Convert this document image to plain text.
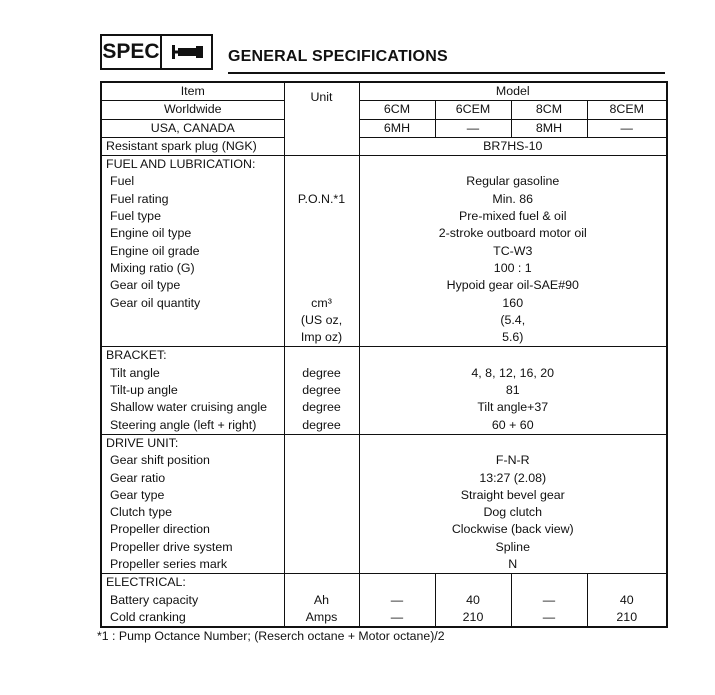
SPEC	GENERAL SPECIFICATIONS
Item	Unit	Model			
Worldwide		6CM	6CEM	8CM	8CEM
USA, CANADA		6MH	—	8MH	—
Resistant spark plug (NGK)		BR7HS-10			
FUEL AND LUBRICATION:					
Fuel		Regular gasoline			
Fuel rating	P.O.N.*1	Min. 86			
Fuel type		Pre-mixed fuel & oil			
Engine oil type		2-stroke outboard motor oil			
Engine oil grade		TC-W3			
Mixing ratio (G)		100 : 1			
Gear oil type		Hypoid gear oil-SAE#90			
Gear oil quantity	cm³	160			
	(US oz,	(5.4,			
	Imp oz)	5.6)			
BRACKET:					
Tilt angle	degree	4, 8, 12, 16, 20			
Tilt-up angle	degree	81			
Shallow water cruising angle	degree	Tilt angle+37			
Steering angle (left + right)	degree	60 + 60			
DRIVE UNIT:					
Gear shift position		F-N-R			
Gear ratio		13:27 (2.08)			
Gear type		Straight bevel gear			
Clutch type		Dog clutch			
Propeller direction		Clockwise (back view)			
Propeller drive system		Spline			
Propeller series mark		N			
ELECTRICAL:					
Battery capacity	Ah	—	40	—	40
Cold cranking	Amps	—	210	—	210
*1 : Pump Octance Number; (Reserch octane + Motor octane)/2
